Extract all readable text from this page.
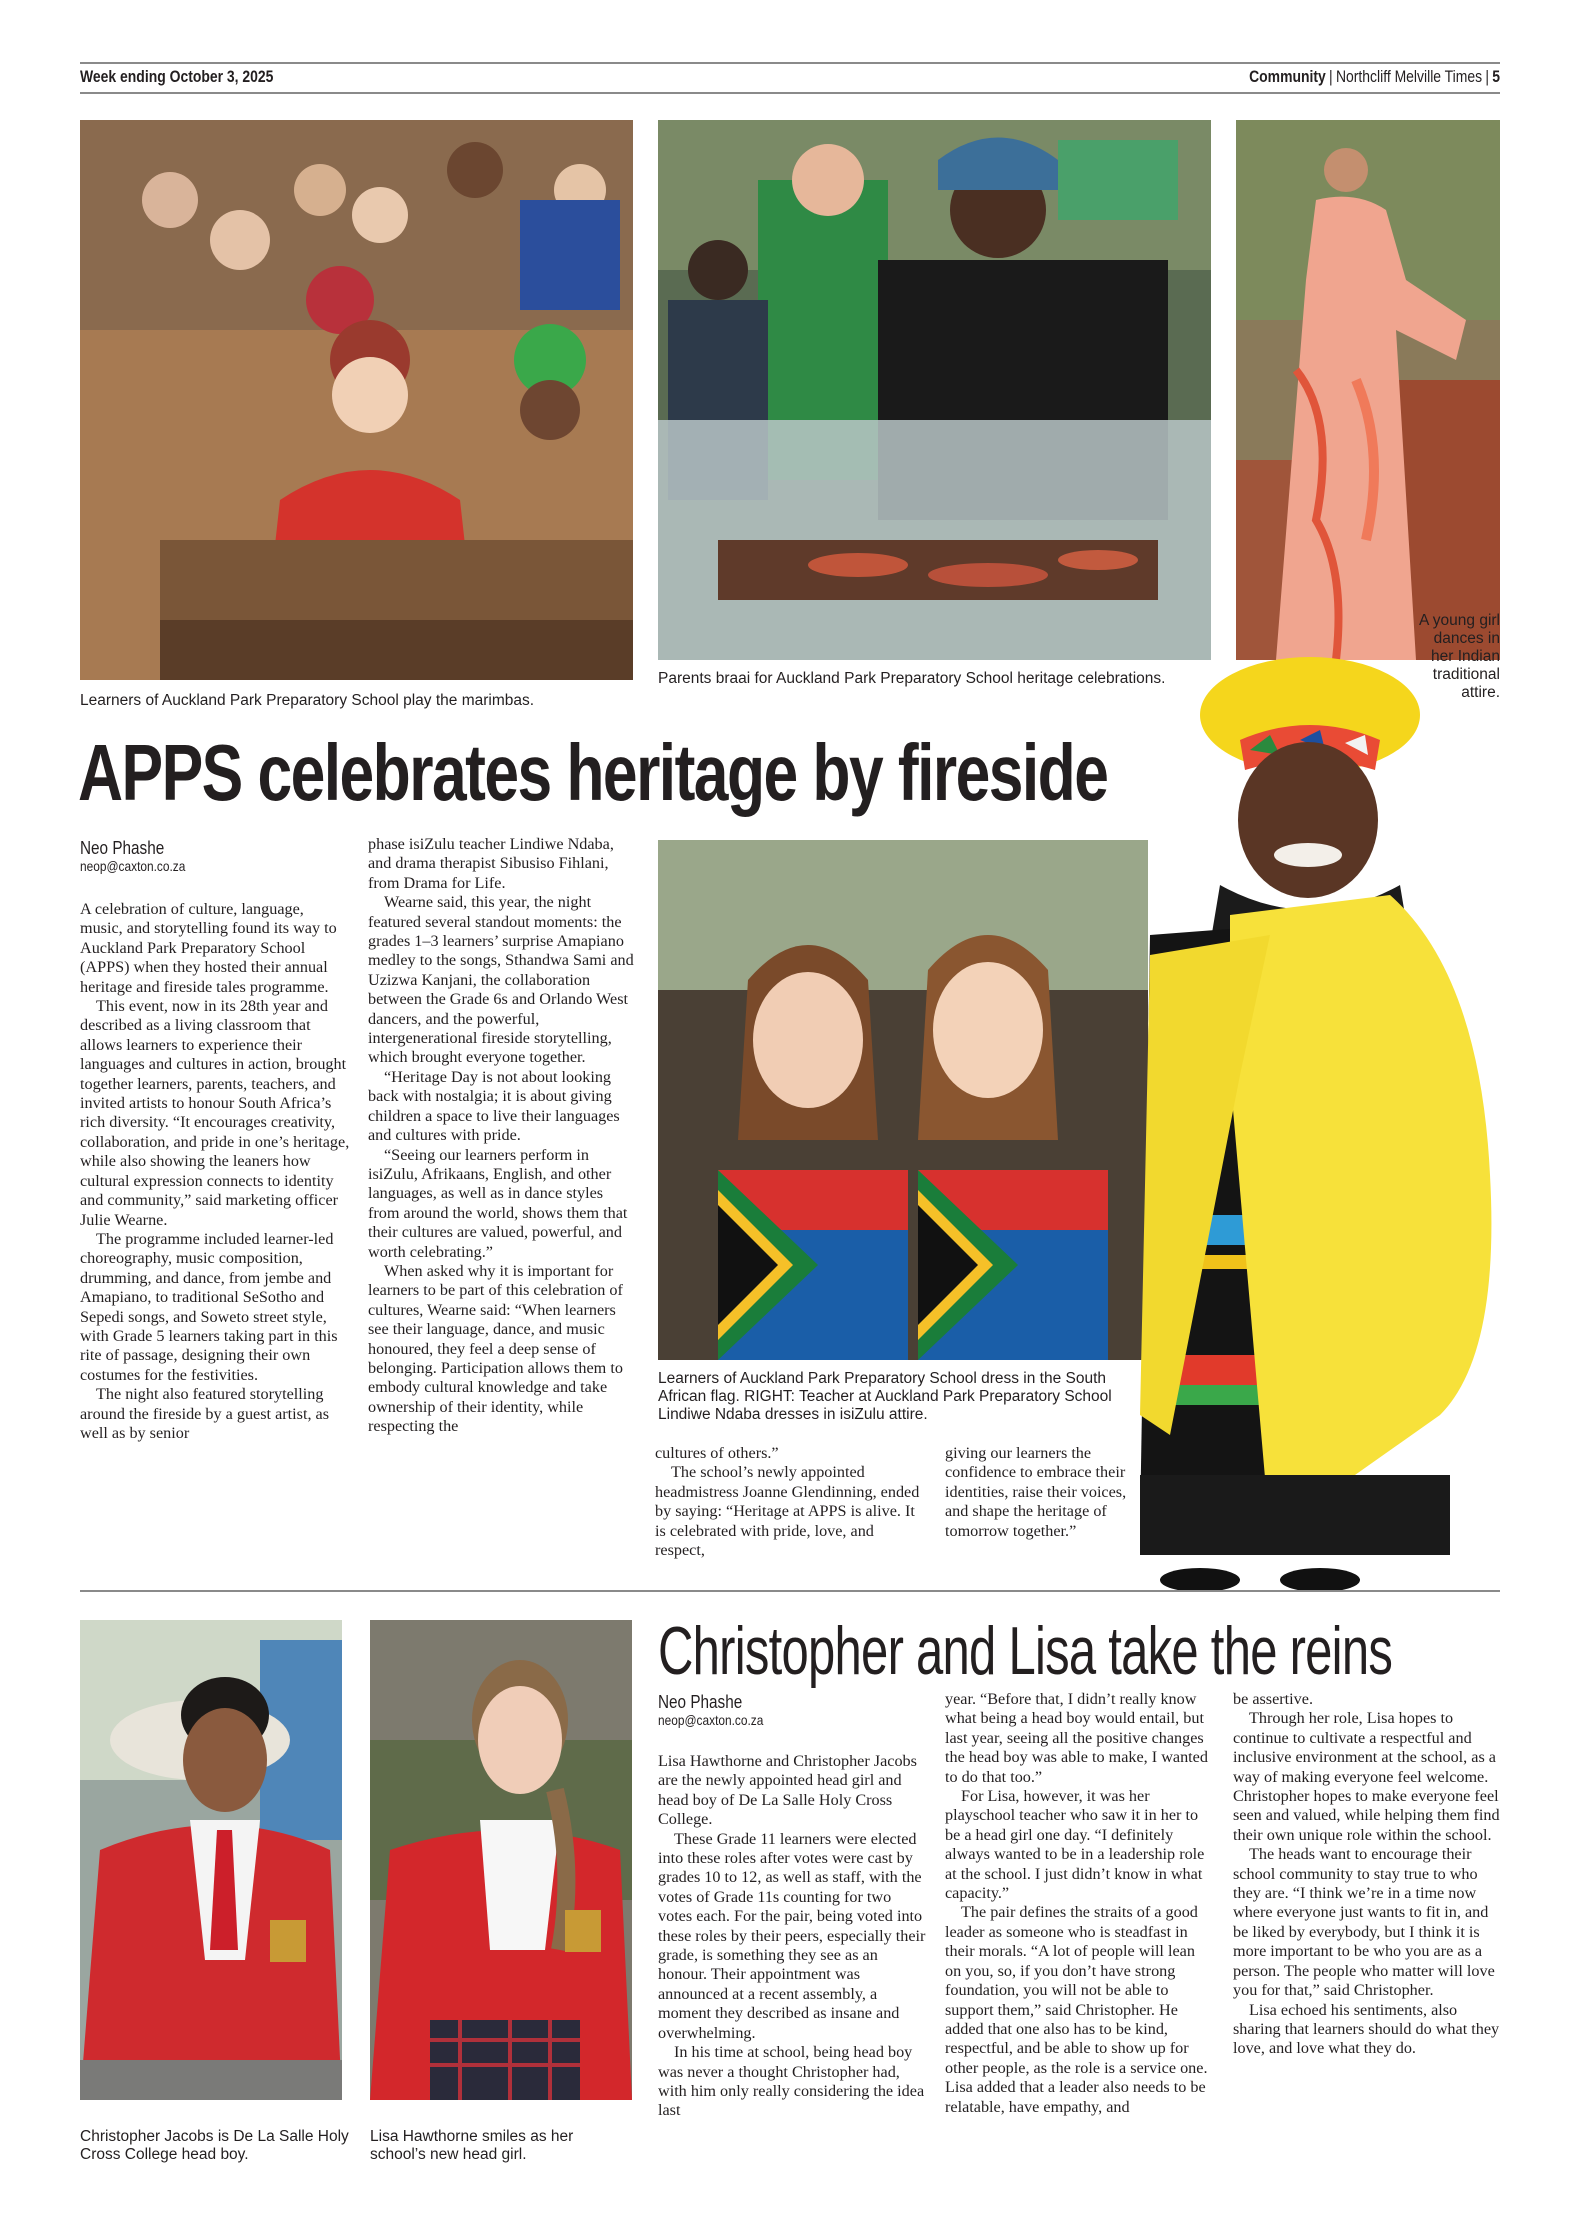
Week ending October 3, 2025	Community | Northcliff Melville Times | 5
Learners of Auckland Park Preparatory School play the marimbas.
Parents braai for Auckland Park Preparatory School heritage celebrations.
A young girl
dances in
her Indian
traditional
attire.
APPS celebrates heritage by fireside
Learners of Auckland Park Preparatory School dress in the South African flag. RIGHT: Teacher at Auckland Park Preparatory School Lindiwe Ndaba dresses in isiZulu attire.
Neo Phashe
neop@caxton.co.za

A celebration of culture, language, music, and storytelling found its way to Auckland Park Preparatory School (APPS) when they hosted their annual heritage and fireside tales programme.

This event, now in its 28th year and described as a living classroom that allows learners to experience their languages and cultures in action, brought together learners, parents, teachers, and invited artists to honour South Africa’s rich diversity. “It encourages creativity, collaboration, and pride in one’s heritage, while also showing the leaners how cultural expression connects to identity and community,” said marketing officer Julie Wearne.

The programme included learner-led choreography, music composition, drumming, and dance, from jembe and Amapiano, to traditional SeSotho and Sepedi songs, and Soweto street style, with Grade 5 learners taking part in this rite of passage, designing their own costumes for the festivities.

The night also featured storytelling around the fireside by a guest artist, as well as by senior

phase isiZulu teacher Lindiwe Ndaba, and drama therapist Sibusiso Fihlani, from Drama for Life.

Wearne said, this year, the night featured several standout moments: the grades 1–3 learners’ surprise Amapiano medley to the songs, Sthandwa Sami and Uzizwa Kanjani, the collaboration between the Grade 6s and Orlando West dancers, and the powerful, intergenerational fireside storytelling, which brought everyone together.

“Heritage Day is not about looking back with nostalgia; it is about giving children a space to live their languages and cultures with pride.

“Seeing our learners perform in isiZulu, Afrikaans, English, and other languages, as well as in dance styles from around the world, shows them that their cultures are valued, powerful, and worth celebrating.”

When asked why it is important for learners to be part of this celebration of cultures, Wearne said: “When learners see their language, dance, and music honoured, they feel a deep sense of belonging. Participation allows them to embody cultural knowledge and take ownership of their identity, while respecting the

cultures of others.”

The school’s newly appointed headmistress Joanne Glendinning, ended by saying: “Heritage at APPS is alive. It is celebrated with pride, love, and respect,

giving our learners the confidence to embrace their identities, raise their voices, and shape the heritage of tomorrow together.”

Christopher Jacobs is De La Salle Holy Cross College head boy.
Lisa Hawthorne smiles as her school’s new head girl.
Christopher and Lisa take the reins
Neo Phashe
neop@caxton.co.za

Lisa Hawthorne and Christopher Jacobs are the newly appointed head girl and head boy of De La Salle Holy Cross College.

These Grade 11 learners were elected into these roles after votes were cast by grades 10 to 12, as well as staff, with the votes of Grade 11s counting for two votes each. For the pair, being voted into these roles by their peers, especially their grade, is something they see as an honour. Their appointment was announced at a recent assembly, a moment they described as insane and overwhelming.

In his time at school, being head boy was never a thought Christopher had, with him only really considering the idea last

year. “Before that, I didn’t really know what being a head boy would entail, but last year, seeing all the positive changes the head boy was able to make, I wanted to do that too.”

For Lisa, however, it was her playschool teacher who saw it in her to be a head girl one day. “I definitely always wanted to be in a leadership role at the school. I just didn’t know in what capacity.”

The pair defines the straits of a good leader as someone who is steadfast in their morals. “A lot of people will lean on you, so, if you don’t have strong foundation, you will not be able to support them,” said Christopher. He added that one also has to be kind, respectful, and be able to show up for other people, as the role is a service one. Lisa added that a leader also needs to be relatable, have empathy, and

be assertive.

Through her role, Lisa hopes to continue to cultivate a respectful and inclusive environment at the school, as a way of making everyone feel welcome. Christopher hopes to make everyone feel seen and valued, while helping them find their own unique role within the school.

The heads want to encourage their school community to stay true to who they are. “I think we’re in a time now where everyone just wants to fit in, and be liked by everybody, but I think it is more important to be who you are as a person. The people who matter will love you for that,” said Christopher.

Lisa echoed his sentiments, also sharing that learners should do what they love, and love what they do.
